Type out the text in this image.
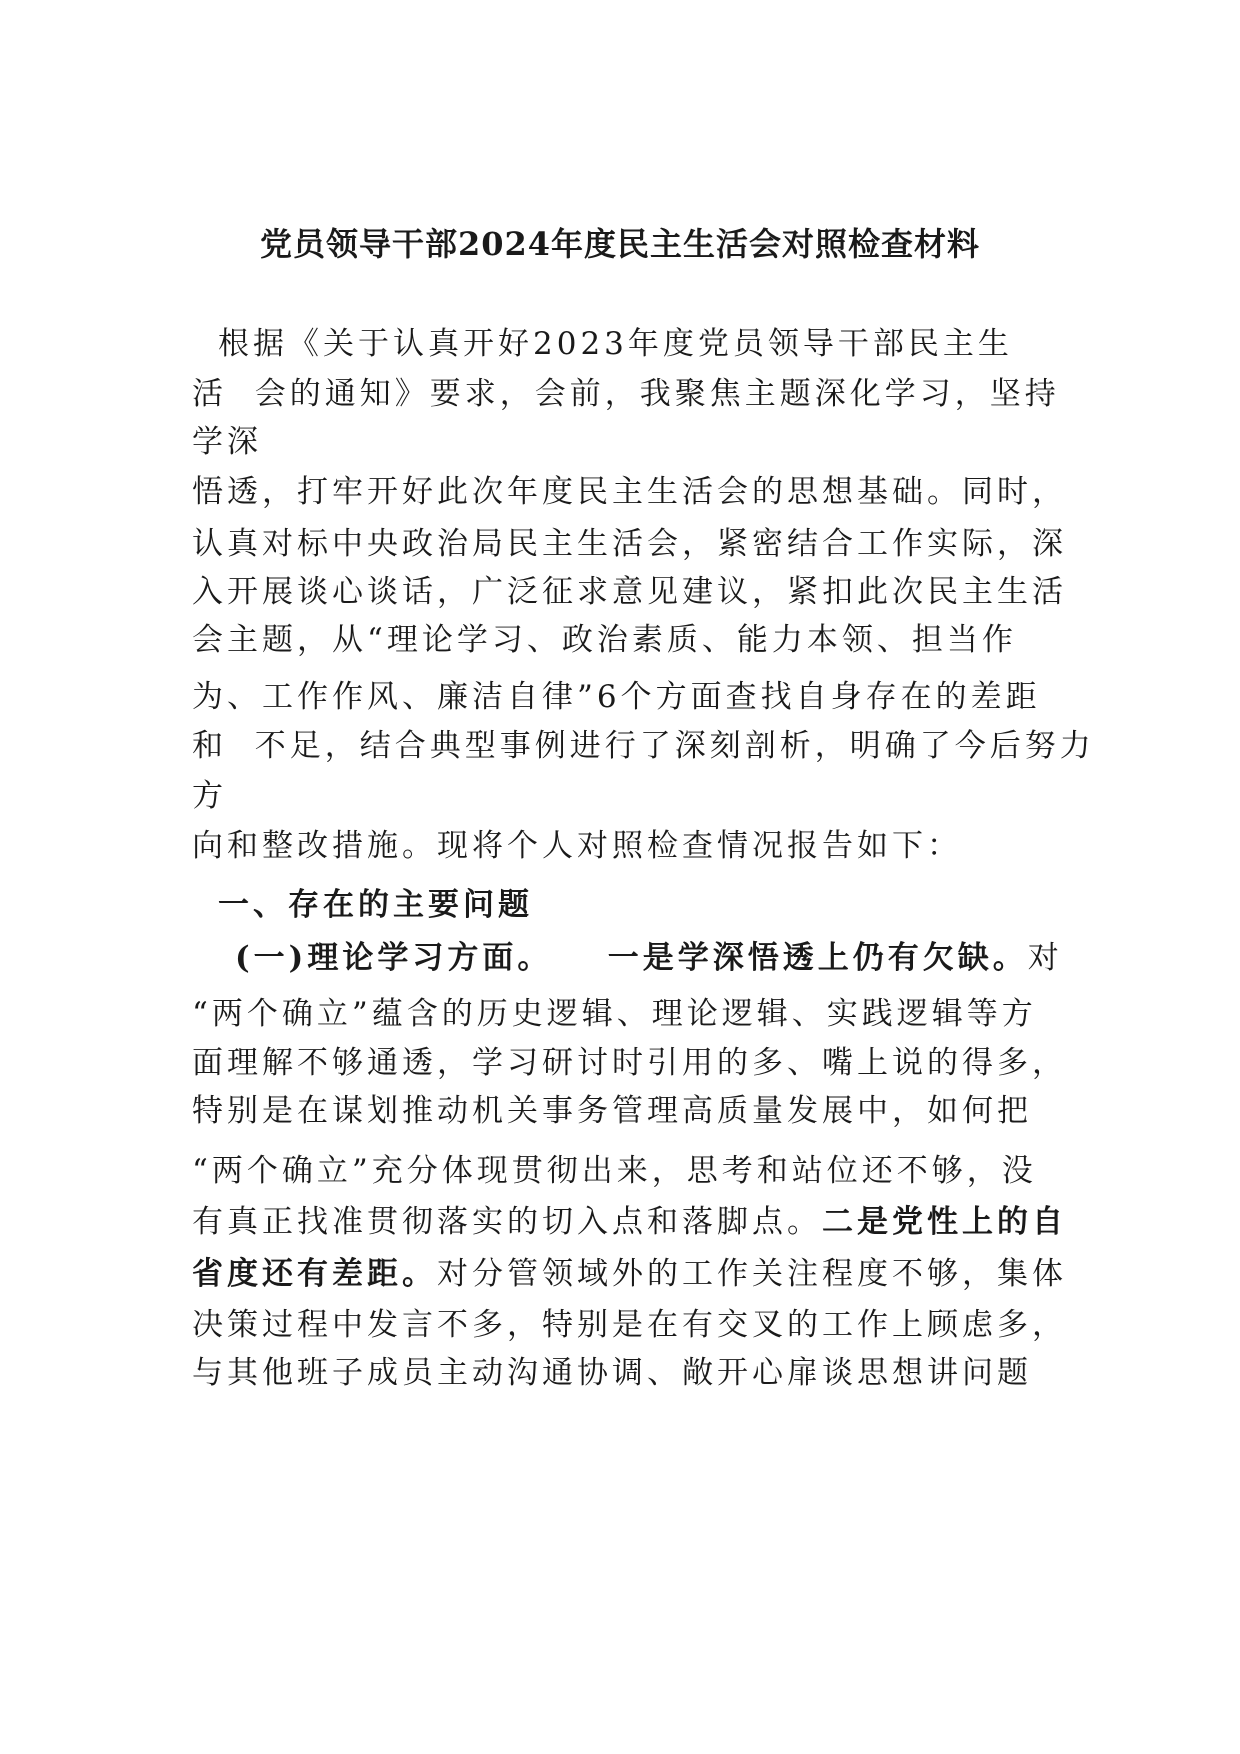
党员领导干部2024年度民主生活会对照检查材料
根据《关于认真开好2023年度党员领导干部民主生
活  会的通知》要求，会前，我聚焦主题深化学习，坚持
学深
悟透，打牢开好此次年度民主生活会的思想基础。同时，
认真对标中央政治局民主生活会，紧密结合工作实际，深
入开展谈心谈话，广泛征求意见建议，紧扣此次民主生活
会主题，从“理论学习、政治素质、能力本领、担当作
为、工作作风、廉洁自律”6个方面查找自身存在的差距
和  不足，结合典型事例进行了深刻剖析，明确了今后努力
方
向和整改措施。现将个人对照检查情况报告如下：
一、存在的主要问题
(一)理论学习方面。 一是学深悟透上仍有欠缺。对
“两个确立”蕴含的历史逻辑、理论逻辑、实践逻辑等方
面理解不够通透，学习研讨时引用的多、嘴上说的得多，
特别是在谋划推动机关事务管理高质量发展中，如何把
“两个确立”充分体现贯彻出来，思考和站位还不够，没
有真正找准贯彻落实的切入点和落脚点。二是党性上的自
省度还有差距。对分管领域外的工作关注程度不够，集体
决策过程中发言不多，特别是在有交叉的工作上顾虑多，
与其他班子成员主动沟通协调、敞开心扉谈思想讲问题
